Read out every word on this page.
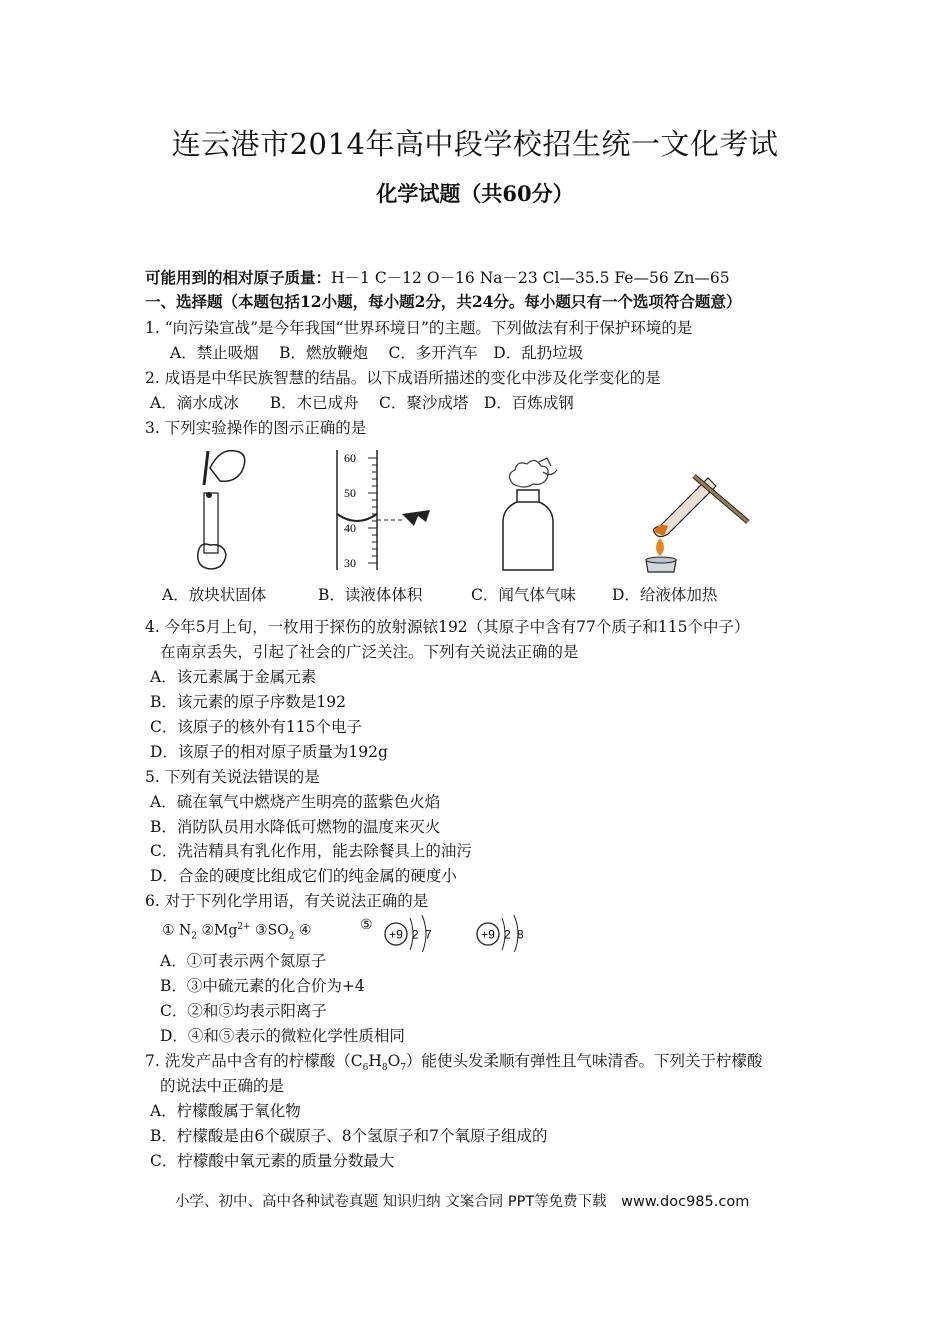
连云港市2014年高中段学校招生统一文化考试
化学试题（共60分）
可能用到的相对原子质量：H－1 C－12 O－16 Na－23 Cl—35.5 Fe—56 Zn—65
一、选择题（本题包括12小题，每小题2分，共24分。每小题只有一个选项符合题意）
1. “向污染宣战”是今年我国“世界环境日”的主题。下列做法有利于保护环境的是
A．禁止吸烟　 B．燃放鞭炮　 C．多开汽车　D．乱扔垃圾
2. 成语是中华民族智慧的结晶。以下成语所描述的变化中涉及化学变化的是
A．滴水成冰　　B．木已成舟　 C．聚沙成塔　D．百炼成钢
3. 下列实验操作的图示正确的是
60
50
40
30
A．放块状固体	B．读液体体积	C．闻气体气味 D．给液体加热
4. 今年5月上旬，一枚用于探伤的放射源铱192（其原子中含有77个质子和115个中子）
在南京丢失，引起了社会的广泛关注。下列有关说法正确的是
A．该元素属于金属元素
B．该元素的原子序数是192
C．该原子的核外有115个电子
D．该原子的相对原子质量为192g
5. 下列有关说法错误的是
A．硫在氧气中燃烧产生明亮的蓝紫色火焰
B．消防队员用水降低可燃物的温度来灭火
C．洗洁精具有乳化作用，能去除餐具上的油污
D．合金的硬度比组成它们的纯金属的硬度小
6. 对于下列化学用语，有关说法正确的是
① $N_2$ $②Mg^{2+}$ $③SO_2$ ④	⑤
+9 2 7	+9 2 8
A．①可表示两个氮原子
B．③中硫元素的化合价为+4
C．②和⑤均表示阳离子
D．④和⑤表示的微粒化学性质相同
7. 洗发产品中含有的柠檬酸$(C_6H_8O_7)$能使头发柔顺有弹性且气味清香。下列关于柠檬酸
的说法中正确的是
A．柠檬酸属于氧化物
B．柠檬酸是由6个碳原子、8个氢原子和7个氧原子组成的
C．柠檬酸中氧元素的质量分数最大
小学、初中、高中各种试卷真题 知识归纳 文案合同 PPT等免费下载　www.doc985.com
